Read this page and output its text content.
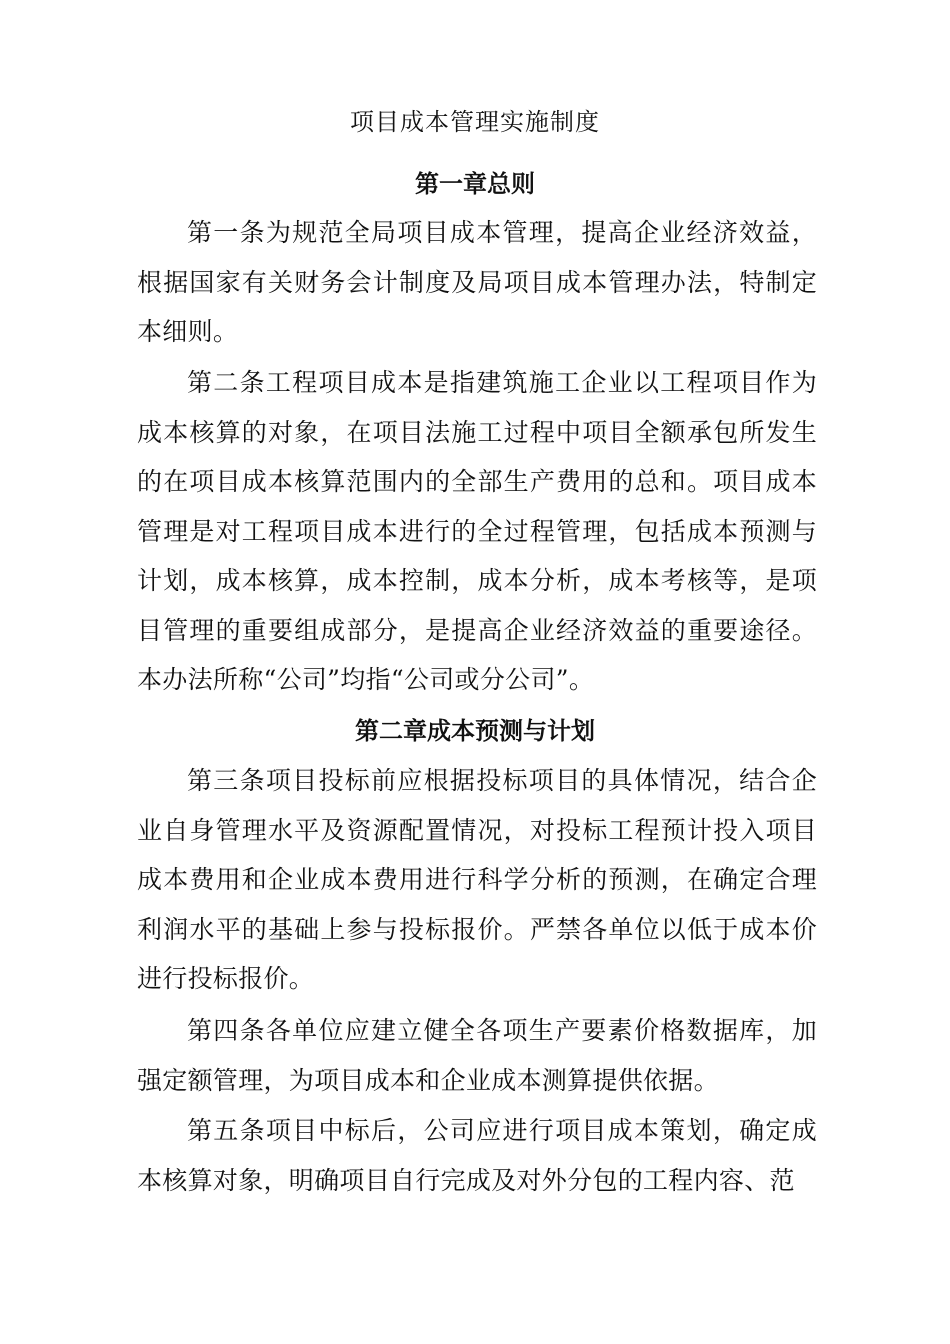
项目成本管理实施制度
第一章总则

第一条为规范全局项目成本管理，提高企业经济效益，根据国家有关财务会计制度及局项目成本管理办法，特制定本细则。

第二条工程项目成本是指建筑施工企业以工程项目作为成本核算的对象，在项目法施工过程中项目全额承包所发生的在项目成本核算范围内的全部生产费用的总和。项目成本管理是对工程项目成本进行的全过程管理，包括成本预测与计划，成本核算，成本控制，成本分析，成本考核等，是项目管理的重要组成部分，是提高企业经济效益的重要途径。本办法所称“公司”均指“公司或分公司”。

第二章成本预测与计划

第三条项目投标前应根据投标项目的具体情况，结合企业自身管理水平及资源配置情况，对投标工程预计投入项目成本费用和企业成本费用进行科学分析的预测，在确定合理利润水平的基础上参与投标报价。严禁各单位以低于成本价进行投标报价。

第四条各单位应建立健全各项生产要素价格数据库，加强定额管理，为项目成本和企业成本测算提供依据。

第五条项目中标后，公司应进行项目成本策划，确定成本核算对象，明确项目自行完成及对外分包的工程内容、范
